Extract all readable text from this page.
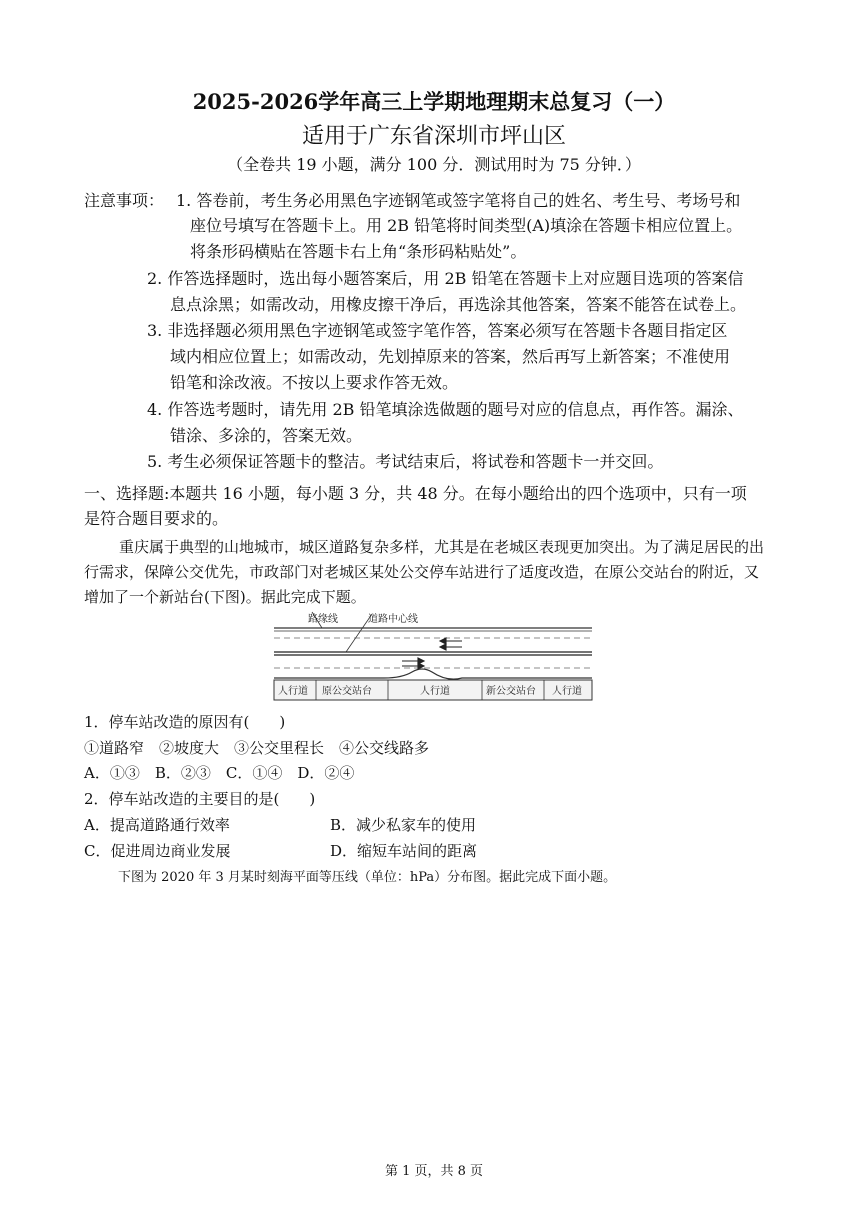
2025-2026学年高三上学期地理期末总复习（一）
适用于广东省深圳市坪山区
（全卷共 19 小题，满分 100 分．测试用时为 75 分钟．）
注意事项： 1. 答卷前，考生务必用黑色字迹钢笔或签字笔将自己的姓名、考生号、考场号和
座位号填写在答题卡上。用 2B 铅笔将时间类型(A)填涂在答题卡相应位置上。
将条形码横贴在答题卡右上角“条形码粘贴处”。
2. 作答选择题时，选出每小题答案后，用 2B 铅笔在答题卡上对应题目选项的答案信
息点涂黑；如需改动，用橡皮擦干净后，再选涂其他答案，答案不能答在试卷上。
3. 非选择题必须用黑色字迹钢笔或签字笔作答，答案必须写在答题卡各题目指定区
域内相应位置上；如需改动，先划掉原来的答案，然后再写上新答案；不准使用
铅笔和涂改液。不按以上要求作答无效。
4. 作答选考题时，请先用 2B 铅笔填涂选做题的题号对应的信息点，再作答。漏涂、
错涂、多涂的，答案无效。
5. 考生必须保证答题卡的整洁。考试结束后，将试卷和答题卡一并交回。
一、选择题:本题共 16 小题，每小题 3 分，共 48 分。在每小题给出的四个选项中，只有一项
是符合题目要求的。
重庆属于典型的山地城市，城区道路复杂多样，尤其是在老城区表现更加突出。为了满足居民的出
行需求，保障公交优先，市政部门对老城区某处公交停车站进行了适度改造，在原公交站台的附近，又
增加了一个新站台(下图)。据此完成下题。
路缘线	道路中心线
人行道 原公交站台	人行道	新公交站台 人行道
1．停车站改造的原因有(　　)
①道路窄　②坡度大　③公交里程长　④公交线路多
A．①③　B．②③　C．①④　D．②④
2．停车站改造的主要目的是(　　)
A．提高道路通行效率	B．减少私家车的使用
C．促进周边商业发展	D．缩短车站间的距离
下图为 2020 年 3 月某时刻海平面等压线（单位：hPa）分布图。据此完成下面小题。
第 1 页，共 8 页
